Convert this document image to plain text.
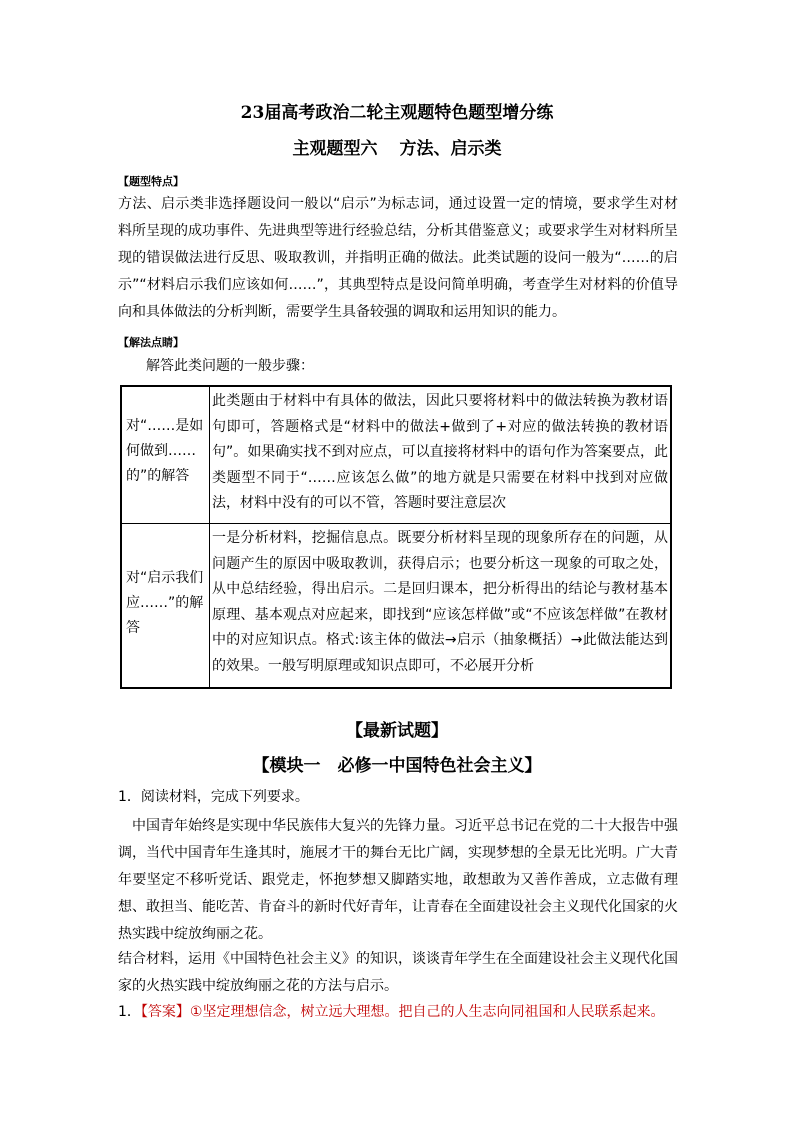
23届高考政治二轮主观题特色题型增分练
主观题型六 方法、启示类
【题型特点】
方法、启示类非选择题设问一般以“启示”为标志词，通过设置一定的情境，要求学生对材料所呈现的成功事件、先进典型等进行经验总结，分析其借鉴意义；或要求学生对材料所呈现的错误做法进行反思、吸取教训，并指明正确的做法。此类试题的设问一般为“……的启示”“材料启示我们应该如何……”，其典型特点是设问简单明确，考查学生对材料的价值导向和具体做法的分析判断，需要学生具备较强的调取和运用知识的能力。
【解法点睛】
解答此类问题的一般步骤：
对“……是如何做到……的”的解答
此类题由于材料中有具体的做法，因此只要将材料中的做法转换为教材语句即可，答题格式是“材料中的做法+做到了+对应的做法转换的教材语句”。如果确实找不到对应点，可以直接将材料中的语句作为答案要点，此类题型不同于“……应该怎么做”的地方就是只需要在材料中找到对应做法，材料中没有的可以不管，答题时要注意层次
对“启示我们应……”的解答
一是分析材料，挖掘信息点。既要分析材料呈现的现象所存在的问题，从问题产生的原因中吸取教训，获得启示；也要分析这一现象的可取之处，从中总结经验，得出启示。二是回归课本，把分析得出的结论与教材基本原理、基本观点对应起来，即找到“应该怎样做”或“不应该怎样做”在教材中的对应知识点。格式:该主体的做法→启示（抽象概括）→此做法能达到的效果。一般写明原理或知识点即可，不必展开分析
【最新试题】
【模块一　必修一中国特色社会主义】
1．阅读材料，完成下列要求。
中国青年始终是实现中华民族伟大复兴的先锋力量。习近平总书记在党的二十大报告中强调，当代中国青年生逢其时，施展才干的舞台无比广阔，实现梦想的全景无比光明。广大青年要坚定不移听党话、跟党走，怀抱梦想又脚踏实地，敢想敢为又善作善成，立志做有理想、敢担当、能吃苦、肯奋斗的新时代好青年，让青春在全面建设社会主义现代化国家的火热实践中绽放绚丽之花。
结合材料，运用《中国特色社会主义》的知识，谈谈青年学生在全面建设社会主义现代化国家的火热实践中绽放绚丽之花的方法与启示。
1．【答案】①坚定理想信念，树立远大理想。把自己的人生志向同祖国和人民联系起来。
